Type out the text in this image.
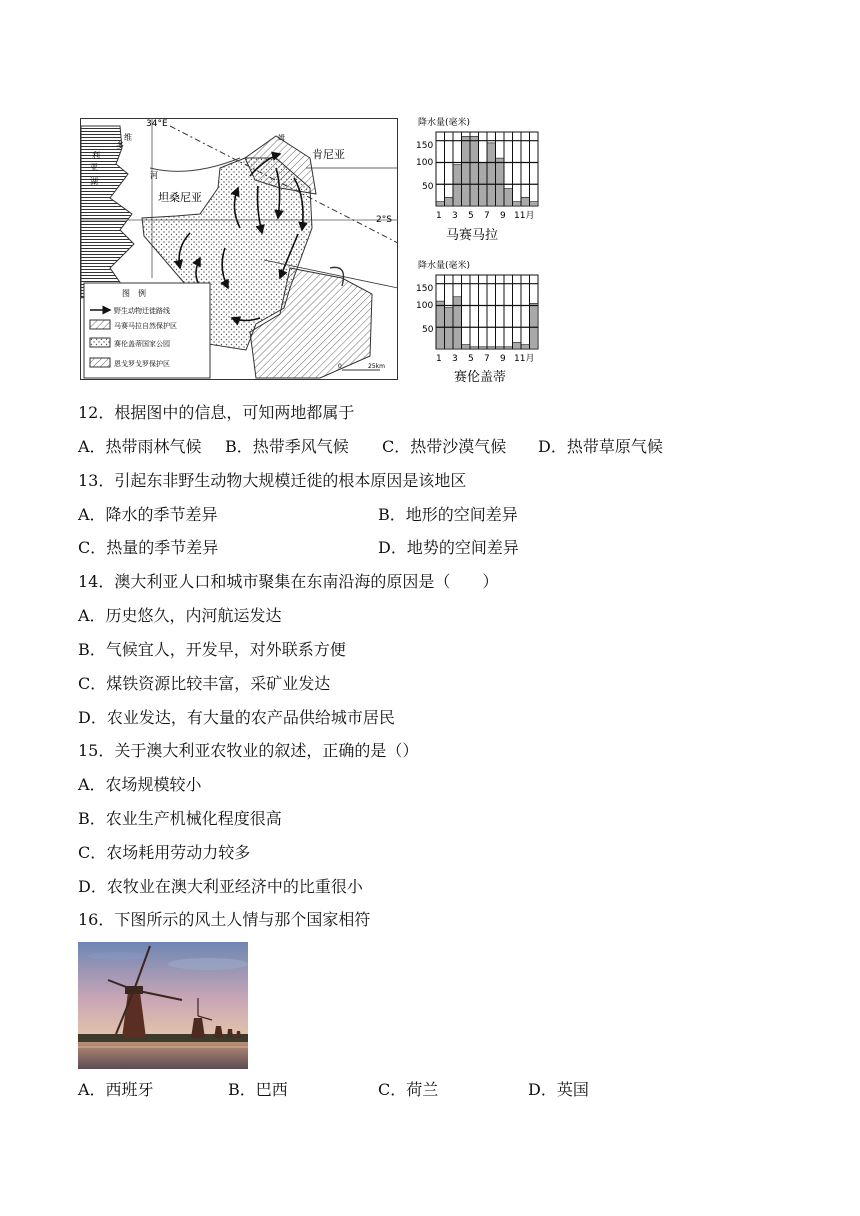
34°E
2°S
肯尼亚
坦桑尼亚
姆
河
维
多
利
亚
湖
图　例
野生动物迁徙路线
马赛马拉自然保护区
赛伦盖蒂国家公园
恩戈罗戈罗保护区	0	25km
降水量(毫米)
150
100
50
1 3 5 7 9 11月
马赛马拉
降水量(毫米)
150
100
50
1 3 5 7 9 11月
赛伦盖蒂
12．根据图中的信息，可知两地都属于
A．热带雨林气候 B．热带季风气候 C．热带沙漠气候 D．热带草原气候
13．引起东非野生动物大规模迁徙的根本原因是该地区
A．降水的季节差异	B．地形的空间差异
C．热量的季节差异	D．地势的空间差异
14．澳大利亚人口和城市聚集在东南沿海的原因是（　　）
A．历史悠久，内河航运发达
B．气候宜人，开发早，对外联系方便
C．煤铁资源比较丰富，采矿业发达
D．农业发达，有大量的农产品供给城市居民
15．关于澳大利亚农牧业的叙述，正确的是（）
A．农场规模较小
B．农业生产机械化程度很高
C．农场耗用劳动力较多
D．农牧业在澳大利亚经济中的比重很小
16．下图所示的风土人情与那个国家相符
A．西班牙	B．巴西	C．荷兰	D．英国
